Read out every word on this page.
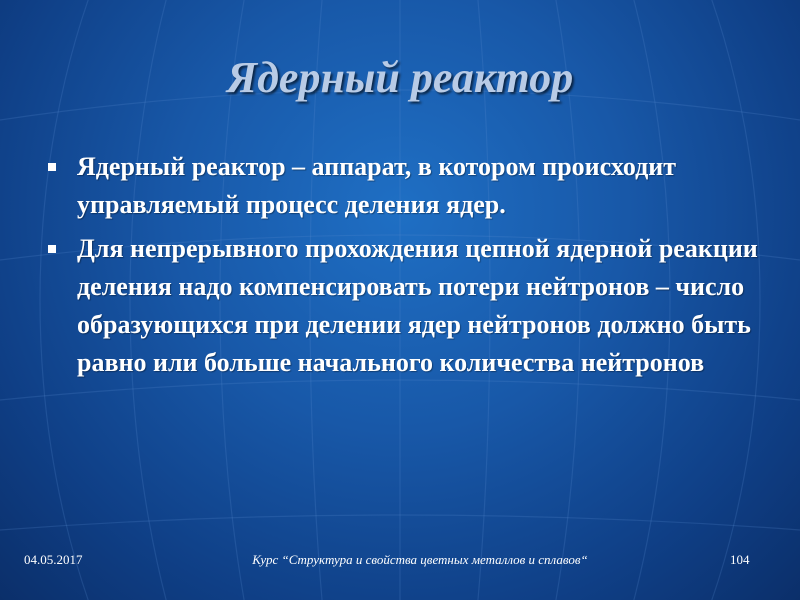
Ядерный реактор
Ядерный реактор – аппарат, в котором происходит управляемый процесс деления ядер.
Для непрерывного прохождения цепной ядерной реакции деления надо компенсировать потери нейтронов – число образующихся при делении ядер нейтронов должно быть равно или больше начального количества нейтронов
04.05.2017	Курс “Структура и свойства цветных металлов и сплавов“	104
